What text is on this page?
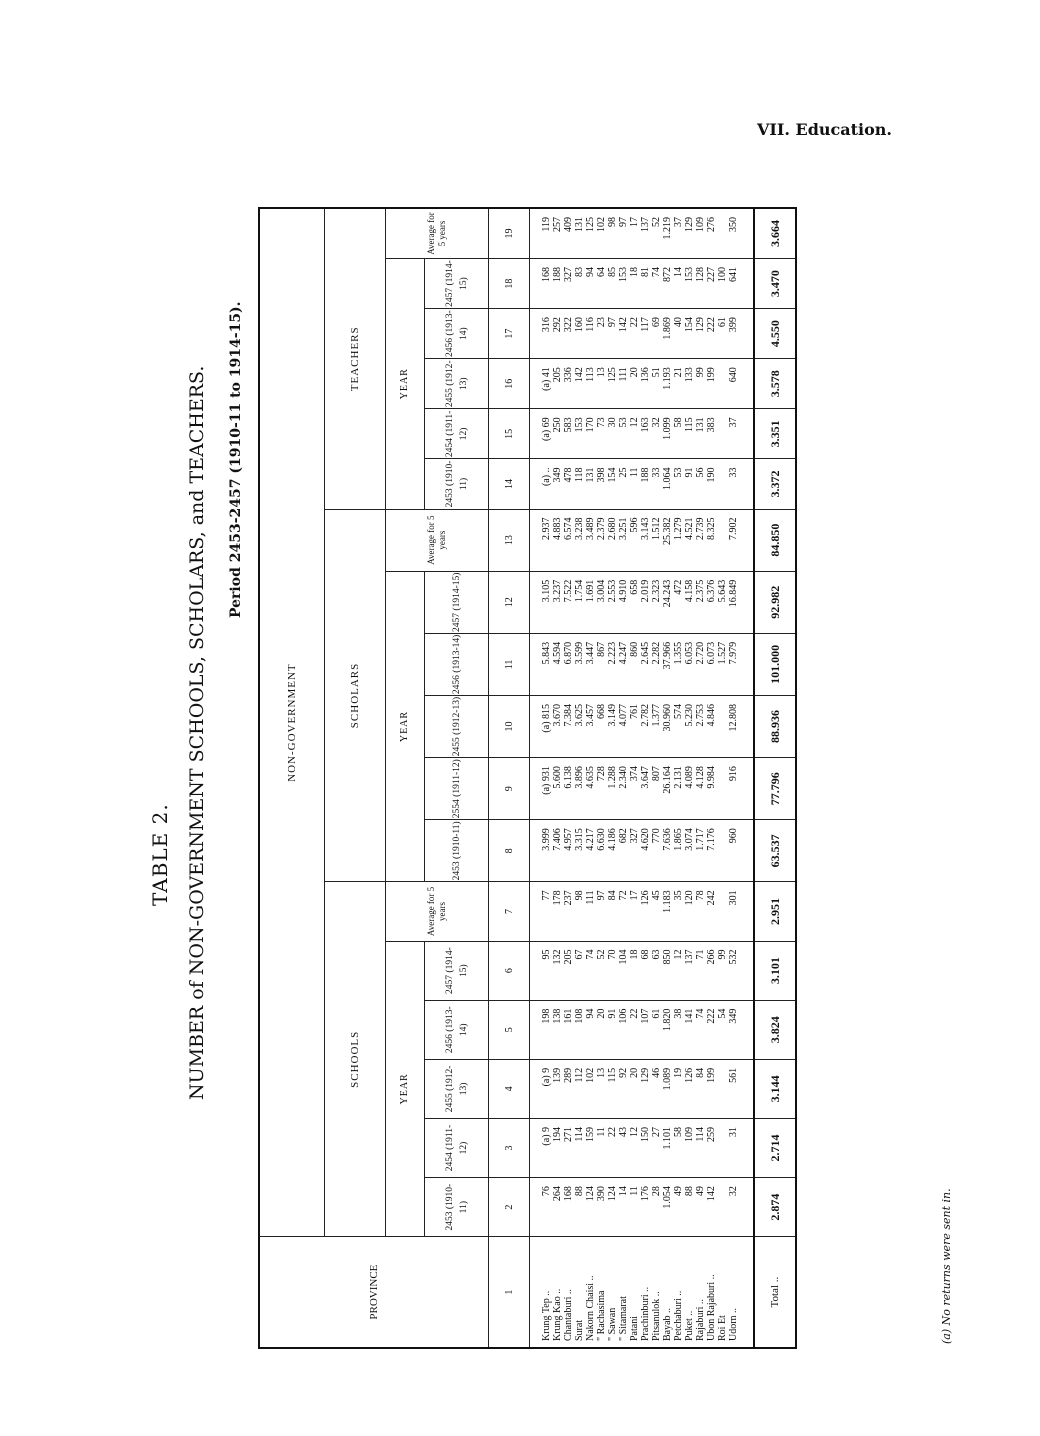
VII. Education.
TABLE 2. NUMBER of NON-GOVERNMENT SCHOOLS, SCHOLARS, and TEACHERS. Period 2453-2457 (1910-11 to 1914-15).
PROVINCE	NON-GOVERNMENT																	
	SCHOOLS						SCHOLARS						TEACHERS					
	YEAR					Average for 5 years	YEAR					Average for 5 years	YEAR					Average for 5 years
	2453 (1910-11)	2454 (1911-12)	2455 (1912-13)	2456 (1913-14)	2457 (1914-15)		2453 (1910-11)	2554 (1911-12)	2455 (1912-13)	2456 (1913-14)	2457 (1914-15)		2453 (1910-11)	2454 (1911-12)	2455 (1912-13)	2456 (1913-14)	2457 (1914-15)	
1	2	3	4	5	6	7	8	9	10	11	12	13	14	15	16	17	18	19

Krung Tep ..	76	(a) 9	(a) 9	198	95	77	3.999	(a) 931	(a) 815	5.843	3.105	2.937	(a) ..	(a) 69	(a) 41	316	168	119
Krung Kao ..	264	194	139	138	132	178	7.406	5.600	3.670	4.594	3.237	4.883	349	250	205	292	188	257
Chantaburi ..	168	271	289	161	205	237	4.957	6.138	7.384	6.870	7.522	6.574	478	583	336	322	327	409
Surat	88	114	112	108	67	98	3.315	3.896	3.625	3.599	1.754	3.238	118	153	142	160	83	131
Nakorn Chaisi ..	124	159	102	94	74	111	4.217	4.635	3.457	3.447	1.691	3.489	131	170	113	116	94	125
" Rachasima	390	11	13	20	52	97	6.630	728	668	867	3.004	2.379	398	73	13	23	64	102
" Sawan	124	22	115	91	70	84	4.186	1.288	3.149	2.223	2.553	2.680	154	30	125	97	85	98
" Sitamarat	14	43	92	106	104	72	682	2.340	4.077	4.247	4.910	3.251	25	53	111	142	153	97
Patani	11	12	20	22	18	17	327	374	761	860	658	596	11	12	20	22	18	17
Prachinburi ..	176	150	129	107	68	126	4.620	3.647	2.782	2.645	2.019	3.143	188	163	136	117	81	137
Pitsanulok ..	28	27	46	61	63	45	770	807	1.377	2.282	2.323	1.512	33	32	51	69	74	52
Bayab ..	1.054	1.101	1.089	1.820	850	1.183	7.636	26.164	30.960	37.966	24.243	25.382	1.064	1.099	1.193	1.869	872	1.219
Petchaburi ..	49	58	19	38	12	35	1.865	2.131	574	1.355	472	1.279	53	58	21	40	14	37
Puket ..	88	109	126	141	137	120	3.074	4.089	5.230	6.053	4.158	4.521	91	115	133	154	153	129
Rajaburi ..	49	114	84	74	71	78	1.717	4.128	2.753	2.720	2.375	2.739	56	131	99	129	128	109
Ubon Rajaburi ..	142	259	199	222	266	242	7.176	9.984	4.846	6.073	6.376	8.325	190	383	199	222	227	276
Roi Et				54	99					1.527	5.643					61	100	
Udorn ..	32	31	561	349	532	301	960	916	12.808	7.979	16.849	7.902	33	37	640	399	641	350
Total ..	2.874	2.714	3.144	3.824	3.101	2.951	63.537	77.796	88.936	101.000	92.982	84.850	3.372	3.351	3.578	4.550	3.470	3.664
(a) No returns were sent in.
